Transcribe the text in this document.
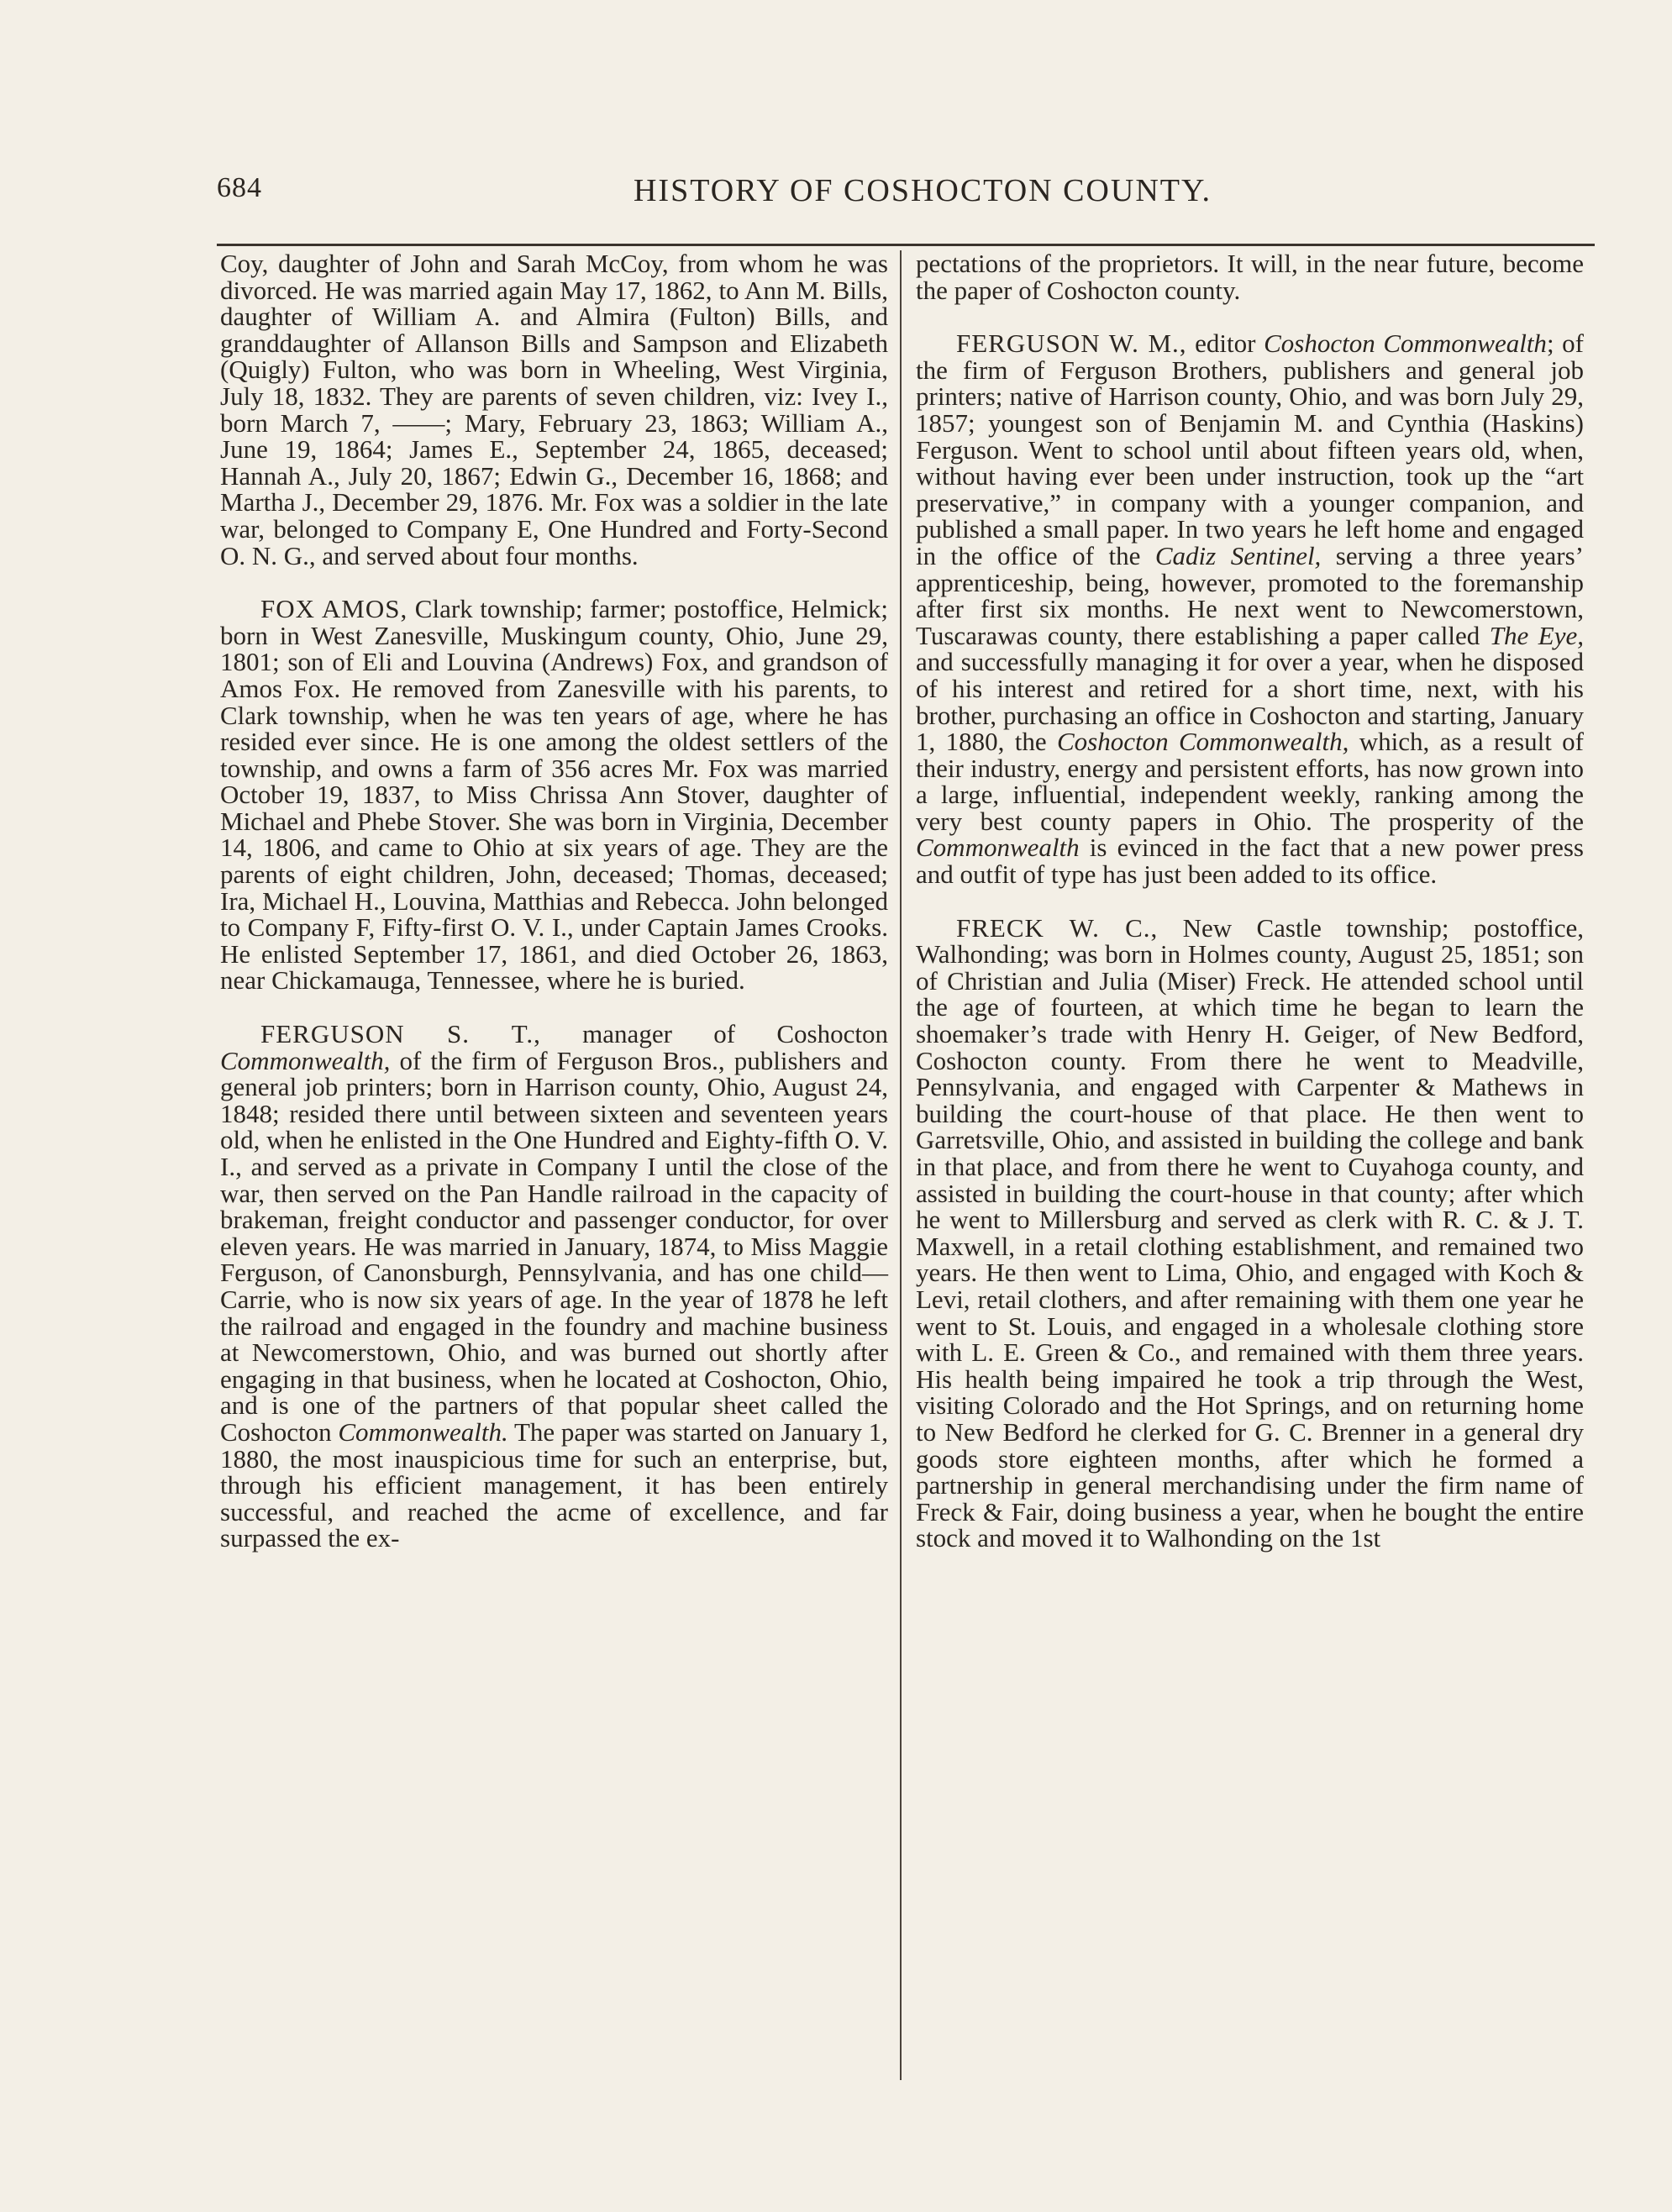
684	HISTORY OF COSHOCTON COUNTY.

Coy, daughter of John and Sarah McCoy, from whom he was divorced. He was married again May 17, 1862, to Ann M. Bills, daughter of William A. and Almira (Fulton) Bills, and granddaughter of Allanson Bills and Sampson and Elizabeth (Quigly) Fulton, who was born in Wheeling, West Virginia, July 18, 1832. They are parents of seven children, viz: Ivey I., born March 7, ——; Mary, February 23, 1863; William A., June 19, 1864; James E., September 24, 1865, deceased; Hannah A., July 20, 1867; Edwin G., December 16, 1868; and Martha J., December 29, 1876. Mr. Fox was a soldier in the late war, belonged to Company E, One Hundred and Forty-Second O. N. G., and served about four months.

FOX AMOS, Clark township; farmer; postoffice, Helmick; born in West Zanesville, Muskingum county, Ohio, June 29, 1801; son of Eli and Louvina (Andrews) Fox, and grandson of Amos Fox. He removed from Zanesville with his parents, to Clark township, when he was ten years of age, where he has resided ever since. He is one among the oldest settlers of the township, and owns a farm of 356 acres Mr. Fox was married October 19, 1837, to Miss Chrissa Ann Stover, daughter of Michael and Phebe Stover. She was born in Virginia, December 14, 1806, and came to Ohio at six years of age. They are the parents of eight children, John, deceased; Thomas, deceased; Ira, Michael H., Louvina, Matthias and Rebecca. John belonged to Company F, Fifty-first O. V. I., under Captain James Crooks. He enlisted September 17, 1861, and died October 26, 1863, near Chickamauga, Tennessee, where he is buried.

FERGUSON S. T., manager of Coshocton Commonwealth, of the firm of Ferguson Bros., publishers and general job printers; born in Harrison county, Ohio, August 24, 1848; resided there until between sixteen and seventeen years old, when he enlisted in the One Hundred and Eighty-fifth O. V. I., and served as a private in Company I until the close of the war, then served on the Pan Handle railroad in the capacity of brakeman, freight conductor and passenger conductor, for over eleven years. He was married in January, 1874, to Miss Maggie Ferguson, of Canonsburgh, Pennsylvania, and has one child—Carrie, who is now six years of age. In the year of 1878 he left the railroad and engaged in the foundry and machine business at Newcomerstown, Ohio, and was burned out shortly after engaging in that business, when he located at Coshocton, Ohio, and is one of the partners of that popular sheet called the Coshocton Commonwealth. The paper was started on January 1, 1880, the most inauspicious time for such an enterprise, but, through his efficient management, it has been entirely successful, and reached the acme of excellence, and far surpassed the ex-

pectations of the proprietors. It will, in the near future, become the paper of Coshocton county.

FERGUSON W. M., editor Coshocton Commonwealth; of the firm of Ferguson Brothers, publishers and general job printers; native of Harrison county, Ohio, and was born July 29, 1857; youngest son of Benjamin M. and Cynthia (Haskins) Ferguson. Went to school until about fifteen years old, when, without having ever been under instruction, took up the “art preservative,” in company with a younger companion, and published a small paper. In two years he left home and engaged in the office of the Cadiz Sentinel, serving a three years’ apprenticeship, being, however, promoted to the foremanship after first six months. He next went to Newcomerstown, Tuscarawas county, there establishing a paper called The Eye, and successfully managing it for over a year, when he disposed of his interest and retired for a short time, next, with his brother, purchasing an office in Coshocton and starting, January 1, 1880, the Coshocton Commonwealth, which, as a result of their industry, energy and persistent efforts, has now grown into a large, influential, independent weekly, ranking among the very best county papers in Ohio. The prosperity of the Commonwealth is evinced in the fact that a new power press and outfit of type has just been added to its office.

FRECK W. C., New Castle township; postoffice, Walhonding; was born in Holmes county, August 25, 1851; son of Christian and Julia (Miser) Freck. He attended school until the age of fourteen, at which time he began to learn the shoemaker’s trade with Henry H. Geiger, of New Bedford, Coshocton county. From there he went to Meadville, Pennsylvania, and engaged with Carpenter & Mathews in building the court-house of that place. He then went to Garretsville, Ohio, and assisted in building the college and bank in that place, and from there he went to Cuyahoga county, and assisted in building the court-house in that county; after which he went to Millersburg and served as clerk with R. C. & J. T. Maxwell, in a retail clothing establishment, and remained two years. He then went to Lima, Ohio, and engaged with Koch & Levi, retail clothers, and after remaining with them one year he went to St. Louis, and engaged in a wholesale clothing store with L. E. Green & Co., and remained with them three years. His health being impaired he took a trip through the West, visiting Colorado and the Hot Springs, and on returning home to New Bedford he clerked for G. C. Brenner in a general dry goods store eighteen months, after which he formed a partnership in general merchandising under the firm name of Freck & Fair, doing business a year, when he bought the entire stock and moved it to Walhonding on the 1st
